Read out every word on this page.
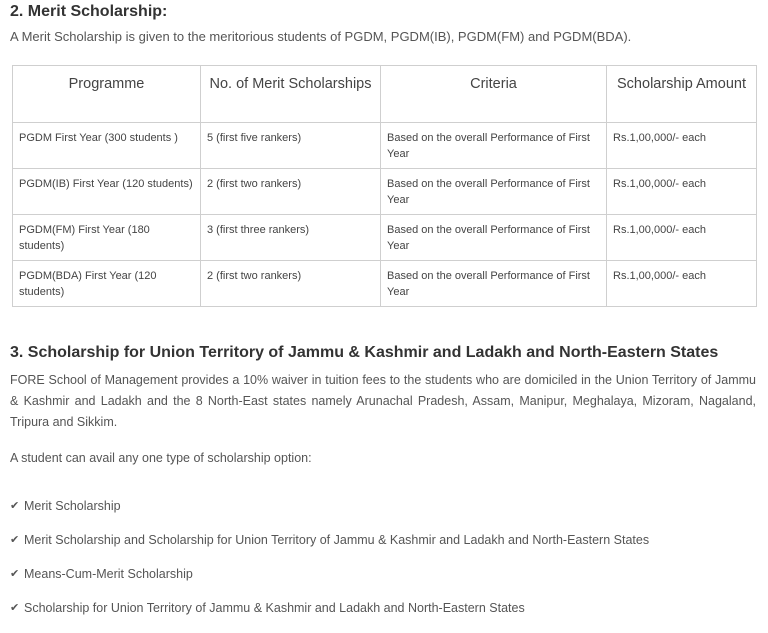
2. Merit Scholarship:

A Merit Scholarship is given to the meritorious students of PGDM, PGDM(IB), PGDM(FM) and PGDM(BDA).

Programme	No. of Merit Scholarships	Criteria	Scholarship Amount
PGDM First Year (300 students )	5 (first five rankers)	Based on the overall Performance of First Year	Rs.1,00,000/- each
PGDM(IB) First Year (120 students)	2 (first two rankers)	Based on the overall Performance of First Year	Rs.1,00,000/- each
PGDM(FM) First Year (180 students)	3 (first three rankers)	Based on the overall Performance of First Year	Rs.1,00,000/- each
PGDM(BDA) First Year (120 students)	2 (first two rankers)	Based on the overall Performance of First Year	Rs.1,00,000/- each
3. Scholarship for Union Territory of Jammu & Kashmir and Ladakh and North-Eastern States

FORE School of Management provides a 10% waiver in tuition fees to the students who are domiciled in the Union Territory of Jammu & Kashmir and Ladakh and the 8 North-East states namely Arunachal Pradesh, Assam, Manipur, Meghalaya, Mizoram, Nagaland, Tripura and Sikkim.

A student can avail any one type of scholarship option:

✔ Merit Scholarship
✔ Merit Scholarship and Scholarship for Union Territory of Jammu & Kashmir and Ladakh and North-Eastern States
✔ Means-Cum-Merit Scholarship
✔ Scholarship for Union Territory of Jammu & Kashmir and Ladakh and North-Eastern States
